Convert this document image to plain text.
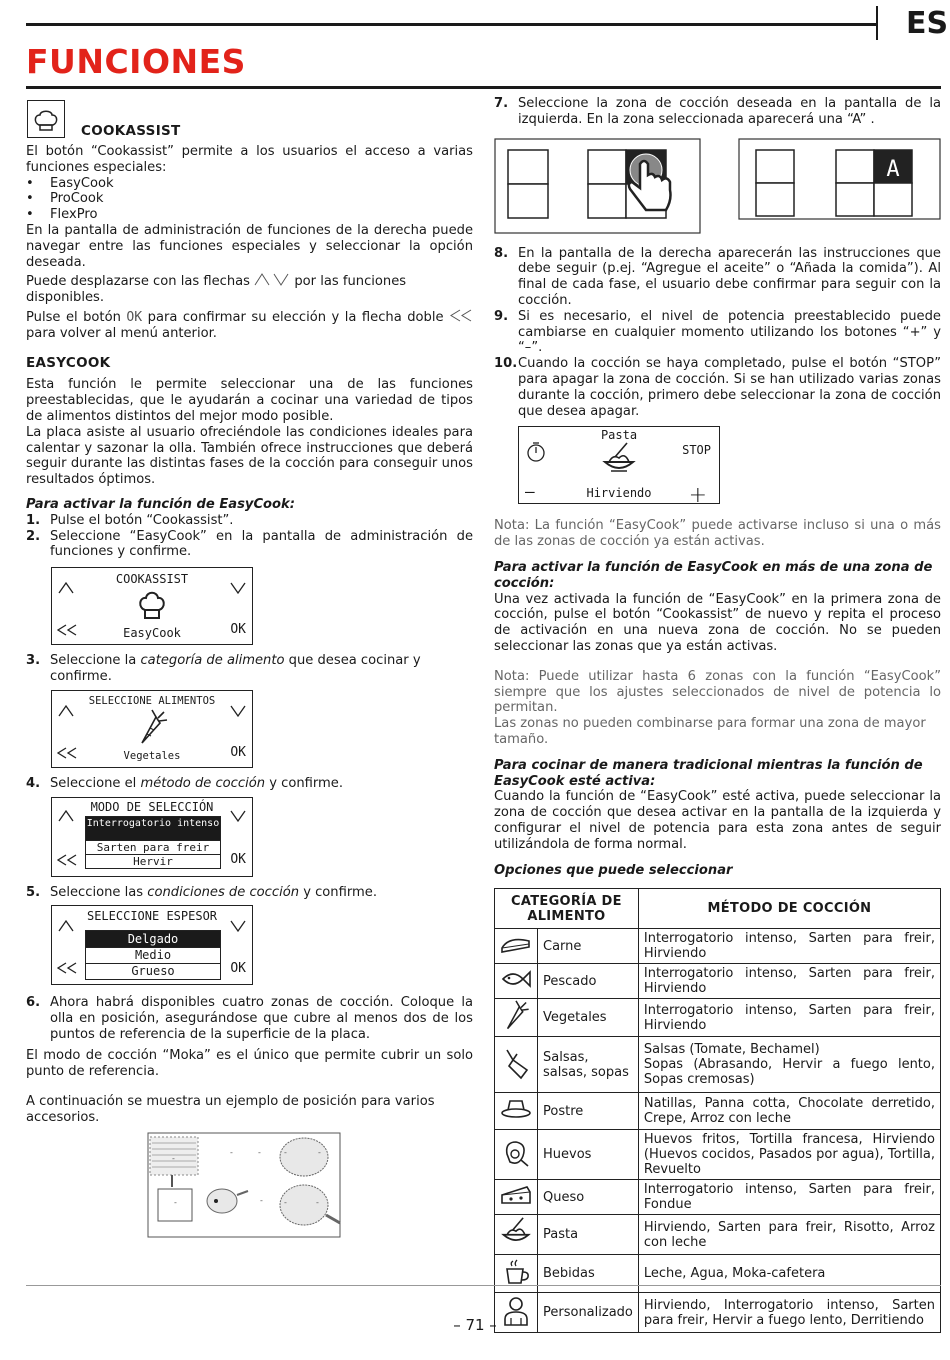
ES
FUNCIONES
COOKASSIST

El botón “Cookassist” permite a los usuarios el acceso a varias funciones especiales:

•	EasyCook
•	ProCook
•	FlexPro

En la pantalla de administración de funciones de la derecha puede navegar entre las funciones especiales y seleccionar la opción deseada.

Puede desplazarse con las flechas	por las funciones disponibles.

Pulse el botón OK para confirmar su elección y la flecha doble  para volver al menú anterior.

EASYCOOK

Esta función le permite seleccionar una de las funciones preestablecidas, que le ayudarán a cocinar una variedad de tipos de alimentos distintos del mejor modo posible.

La placa asiste al usuario ofreciéndole las condiciones ideales para calentar y sazonar la olla. También ofrece instrucciones que deberá seguir durante las distintas fases de la cocción para conseguir unos resultados óptimos.

Para activar la función de EasyCook:

1. Pulse el botón “Cookassist”.
2. Seleccione “EasyCook” en la pantalla de administración de funciones y confirme.
COOKASSIST
EasyCook	OK
3. Seleccione la categoría de alimento que desea cocinar y confirme.
SELECCIONE ALIMENTOS
Vegetales	OK
4. Seleccione el método de cocción y confirme.
MODO DE SELECCIÓN
Interrogatorio intenso
Sarten para freir
Hervir	OK
5. Seleccione las condiciones de cocción y confirme.
SELECCIONE ESPESOR
Delgado
Medio
Grueso	OK
6. Ahora habrá disponibles cuatro zonas de cocción. Coloque la olla en posición, asegurándose que cubre al menos dos de los puntos de referencia de la superficie de la placa.

El modo de cocción “Moka” es el único que permite cubrir un solo punto de referencia.

A continuación se muestra un ejemplo de posición para varios accesorios.

-
-
-	-	-	-
-	-	-
7. Seleccione la zona de cocción deseada en la pantalla de la izquierda. En la zona seleccionada aparecerá una “A” .
A
8. En la pantalla de la derecha aparecerán las instrucciones que debe seguir (p.ej. “Agregue el aceite” o “Añada la comida”). Al final de cada fase, el usuario debe confirmar para seguir con la cocción.
9. Si es necesario, el nivel de potencia preestablecido puede cambiarse en cualquier momento utilizando los botones “+” y “–”.
10. Cuando la cocción se haya completado, pulse el botón “STOP” para apagar la zona de cocción. Si se han utilizado varias zonas durante la cocción, primero debe seleccionar la zona de cocción que desea apagar.
Pasta
STOP
—	Hirviendo	+

Nota: La función “EasyCook” puede activarse incluso si una o más de las zonas de cocción ya están activas.

Para activar la función de EasyCook en más de una zona de cocción:

Una vez activada la función de “EasyCook” en la primera zona de cocción, pulse el botón “Cookassist” de nuevo y repita el proceso de activación en una nueva zona de cocción. No se pueden seleccionar las zonas que ya están activas.

Nota: Puede utilizar hasta 6 zonas con la función “EasyCook” siempre que los ajustes seleccionados de nivel de potencia lo permitan.

Las zonas no pueden combinarse para formar una zona de mayor tamaño.

Para cocinar de manera tradicional mientras la función de EasyCook esté activa:

Cuando la función de “EasyCook” esté activa, puede seleccionar la zona de cocción que desea activar en la pantalla de la izquierda y configurar el nivel de potencia para esta zona antes de seguir utilizándola de forma normal.

Opciones que puede seleccionar

CATEGORÍA DE ALIMENTO		MÉTODO DE COCCIÓN
	Carne	Interrogatorio intenso, Sarten para freir, Hirviendo
	Pescado	Interrogatorio intenso, Sarten para freir, Hirviendo
	Vegetales	Interrogatorio intenso, Sarten para freir, Hirviendo
	Salsas, salsas, sopas	Salsas (Tomate, Bechamel)
Sopas (Abrasando, Hervir a fuego lento, Sopas cremosas)
	Postre	Natillas, Panna cotta, Chocolate derretido, Crepe, Arroz con leche
	Huevos	Huevos fritos, Tortilla francesa, Hirviendo (Huevos cocidos, Pasados por agua), Tortilla, Revuelto
	Queso	Interrogatorio intenso, Sarten para freir, Fondue
	Pasta	Hirviendo, Sarten para freir, Risotto, Arroz con leche
	Bebidas	Leche, Agua, Moka-cafetera
	Personalizado	Hirviendo, Interrogatorio intenso, Sarten para freir, Hervir a fuego lento, Derritiendo
– 71 –
